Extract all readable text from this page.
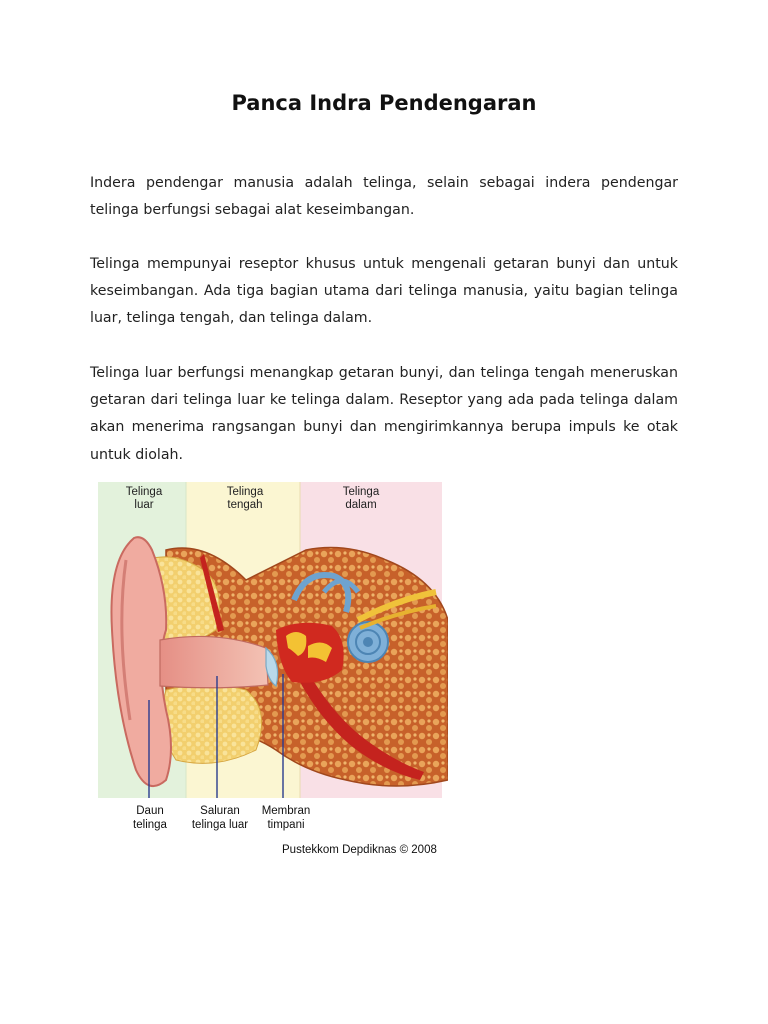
Panca Indra Pendengaran

Indera pendengar manusia adalah telinga, selain sebagai indera pendengar telinga berfungsi sebagai alat keseimbangan.

Telinga mempunyai reseptor khusus untuk mengenali getaran bunyi dan untuk keseimbangan. Ada tiga bagian utama dari telinga manusia, yaitu bagian telinga luar, telinga tengah, dan telinga dalam.

Telinga luar berfungsi menangkap getaran bunyi, dan telinga tengah meneruskan getaran dari telinga luar ke telinga dalam. Reseptor yang ada pada telinga dalam akan menerima rangsangan bunyi dan mengirimkannya berupa impuls ke otak untuk diolah.

Telinga
luar
Telinga
tengah
Telinga
dalam
Daun
telinga
Saluran
telinga luar
Membran
timpani
Pustekkom Depdiknas © 2008
